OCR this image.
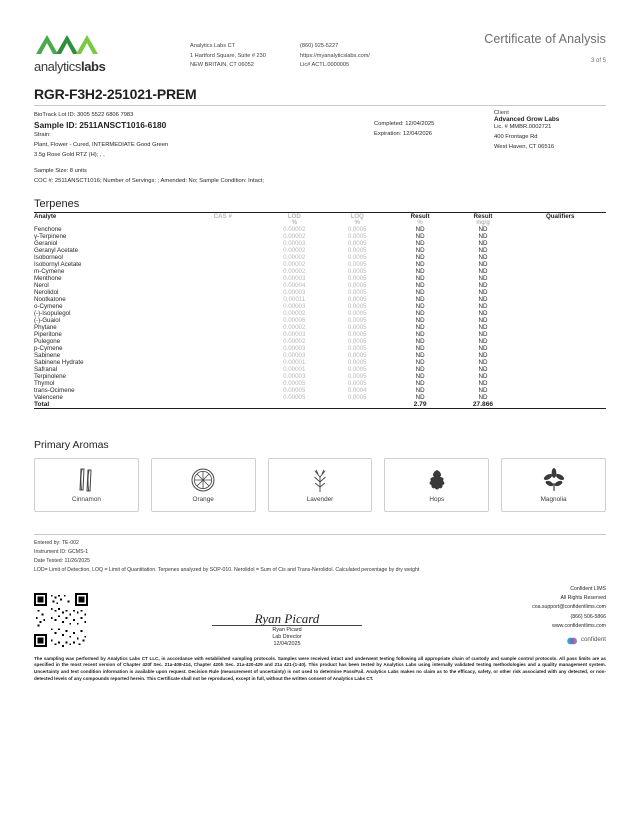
analyticslabs
Analytics Labs CT
1 Hartford Square, Suite # 230
NEW BRITAIN, CT 06052
(860) 925-5227
https://myanalyticslabs.com/
Lic# ACTL.0000005
Certificate of Analysis
3 of 5
RGR-F3H2-251021-PREM
BioTrack Lot ID: 3005 5522 6806 7983
Sample ID: 2511ANSCT1016-6180
Strain:
Plant, Flower - Cured, INTERMEDIATE Good Green
3.5g Rose Gold RTZ (H); , ,
Sample Size: 8 units
COC #: 2511ANSCT1016; Number of Servings: ; Amended: No; Sample Condition: Intact;
Completed: 12/04/2025
Expiration: 12/04/2026
Client
Advanced Grow Labs
Lic. # MMBR.0002721
400 Frontage Rd
West Haven, CT 06516
Terpenes
Analyte	CAS #	LOD	LOQ	Result	Result	Qualifiers
		%	%	%	mg/g	
Fenchone		0.00002	0.0005	ND	ND	
γ-Terpinene		0.00002	0.0005	ND	ND	
Geraniol		0.00003	0.0005	ND	ND	
Geranyl Acetate		0.00002	0.0005	ND	ND	
Isoborneol		0.00002	0.0005	ND	ND	
Isobornyl Acetate		0.00002	0.0005	ND	ND	
m-Cymene		0.00002	0.0005	ND	ND	
Menthone		0.00003	0.0005	ND	ND	
Nerol		0.00004	0.0005	ND	ND	
Nerolidol		0.00003	0.0005	ND	ND	
Nootkatone		0.00011	0.0005	ND	ND	
o-Cymene		0.00003	0.0005	ND	ND	
(-)-Isopulegol		0.00002	0.0005	ND	ND	
(-)-Guaiol		0.00006	0.0005	ND	ND	
Phytane		0.00002	0.0005	ND	ND	
Piperitone		0.00003	0.0005	ND	ND	
Pulegone		0.00002	0.0005	ND	ND	
p-Cymene		0.00003	0.0005	ND	ND	
Sabinene		0.00003	0.0005	ND	ND	
Sabinene Hydrate		0.00001	0.0005	ND	ND	
Safranal		0.00001	0.0005	ND	ND	
Terpinolene		0.00003	0.0005	ND	ND	
Thymol		0.00005	0.0005	ND	ND	
trans-Ocimene		0.00005	0.0004	ND	ND	
Valencene		0.00005	0.0005	ND	ND	
Total				2.79	27.866	
Primary Aromas
Cinnamon	Orange	Lavender	Hops	Magnolia
Entered by: TE-002
Instrument ID: GCMS-1
Date Tested: 11/26/2025
LOD= Limit of Detection, LOQ = Limit of Quantitation. Terpenes analyzed by SOP-010. Nerolidol = Sum of Cis and Trans-Nerolidol. Calculated percentage by dry weight
Ryan Picard
Ryan Picard
Lab Director
12/04/2025
Confident LIMS
All Rights Reserved
coa.support@confidentlims.com
(866) 506-5866
www.confidentlims.com
confident
The sampling was performed by Analytics Labs CT LLC, in accordance with established sampling protocols. Samples were received intact and underwent testing following all appropriate chain of custody and sample control protocols. All pass limits are as specified in the most recent version of Chapter 420f Sec. 21a-408-414, Chapter 420h Sec. 21a-420-429 and 21a 421-(1-40). This product has been tested by Analytics Labs using internally validated testing methodologies and a quality management system. Uncertainty and test condition information is available upon request. Decision Rule (measurement of uncertainty) is not used to determine Pass/Fail. Analytics Labs makes no claim as to the efficacy, safety, or other risk associated with any detected, or non-detected levels of any compounds reported herein. This Certificate shall not be reproduced, except in full, without the written consent of Analytics Labs CT.
